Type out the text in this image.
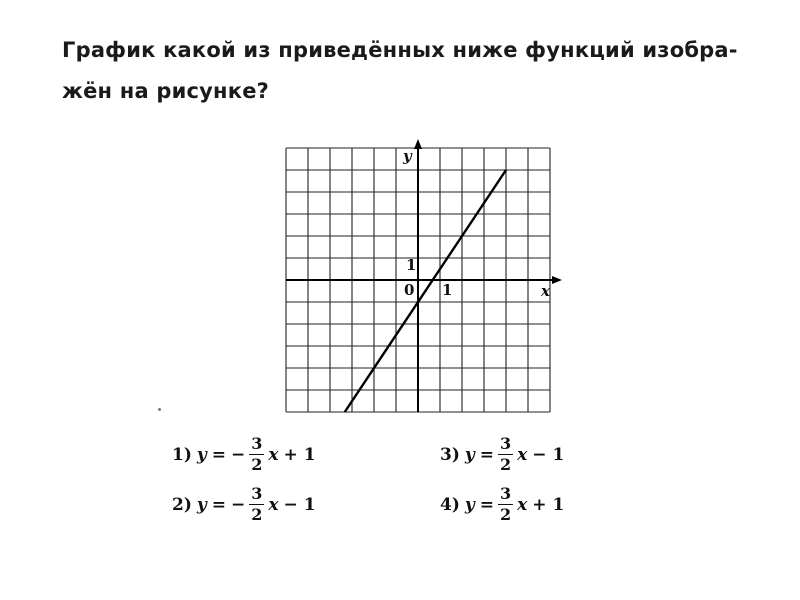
График какой из приведённых ниже функций изобра-
жён на рисунке?
x
y
0 1
1
1) y = − $\frac{3}{2}$ x + 1
2) y = − $\frac{3}{2}$ x − 1
3) $y = \frac{3}{2}$ x − 1
4) $y = \frac{3}{2}$ x + 1
